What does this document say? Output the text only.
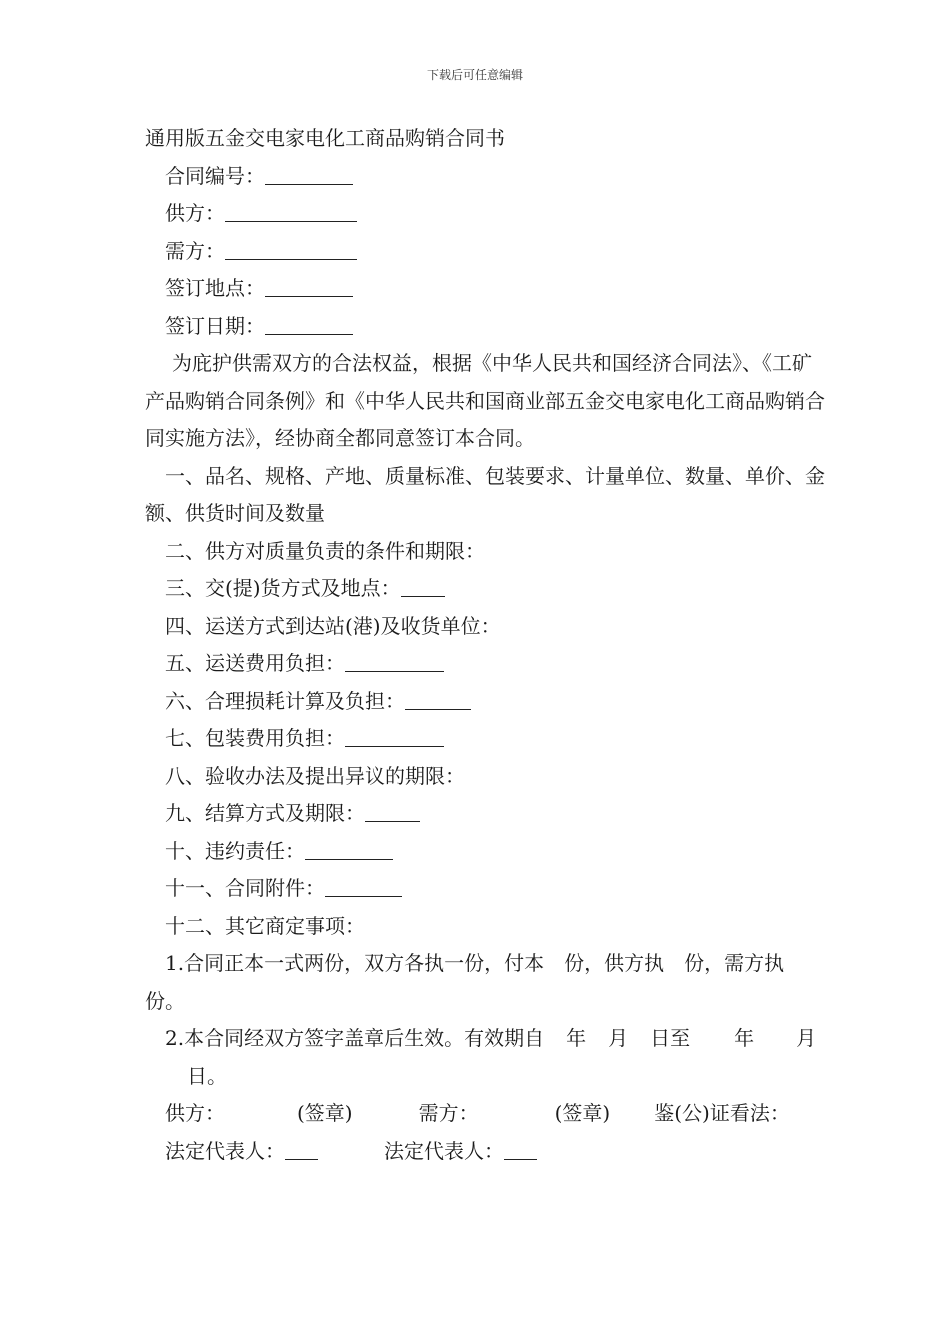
下载后可任意编辑
通用版五金交电家电化工商品购销合同书
合同编号：
供方：
需方：
签订地点：
签订日期：
为庇护供需双方的合法权益，根据《中华人民共和国经济合同法》、《工矿产品购销合同条例》和《中华人民共和国商业部五金交电家电化工商品购销合同实施方法》，经协商全都同意签订本合同。
一、品名、规格、产地、质量标准、包装要求、计量单位、数量、单价、金额、供货时间及数量
二、供方对质量负责的条件和期限：
三、交(提)货方式及地点：
四、运送方式到达站(港)及收货单位：
五、运送费用负担：
六、合理损耗计算及负担：
七、包装费用负担：
八、验收办法及提出异议的期限：
九、结算方式及期限：
十、违约责任：
十一、合同附件：
十二、其它商定事项：
1.合同正本一式两份，双方各执一份，付本 份，供方执 份，需方执份。
2.本合同经双方签字盖章后生效。有效期自 年 月 日至 年 月日。
供方：	(签章)	需方：	(签章) 鉴(公)证看法：
法定代表人：	法定代表人：
